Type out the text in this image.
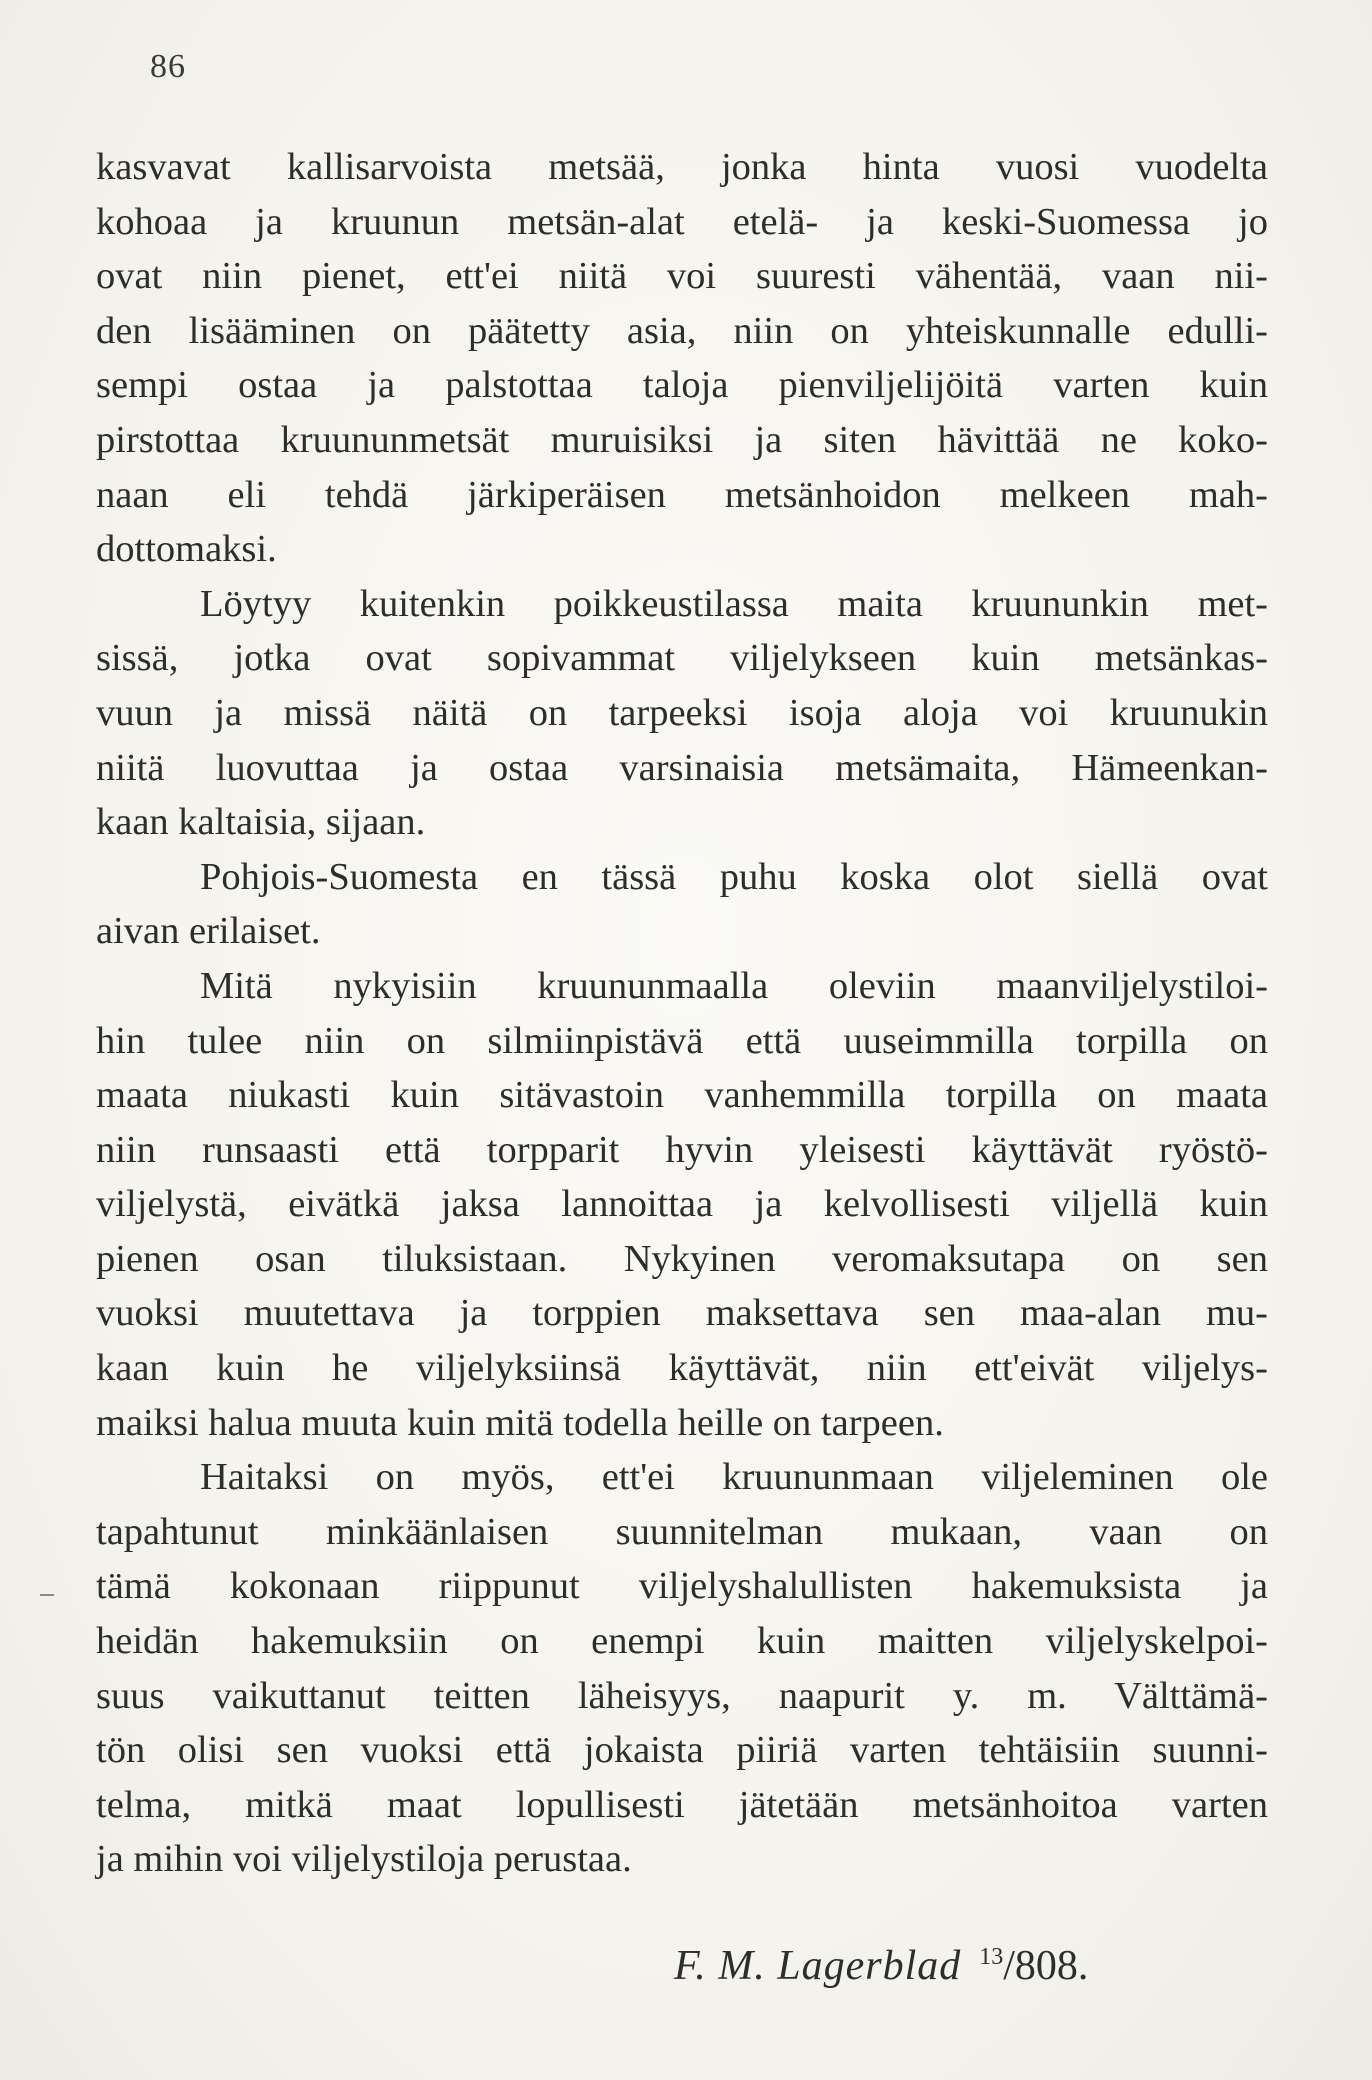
86
kasvavat kallisarvoista metsää, jonka hinta vuosi vuodelta
kohoaa ja kruunun metsän-alat etelä- ja keski-Suomessa jo
ovat niin pienet, ett'ei niitä voi suuresti vähentää, vaan nii-
den lisääminen on päätetty asia, niin on yhteiskunnalle edulli-
sempi ostaa ja palstottaa taloja pienviljelijöitä varten kuin
pirstottaa kruununmetsät muruisiksi ja siten hävittää ne koko-
naan eli tehdä järkiperäisen metsänhoidon melkeen mah-
dottomaksi.
Löytyy kuitenkin poikkeustilassa maita kruununkin met-
sissä, jotka ovat sopivammat viljelykseen kuin metsänkas-
vuun ja missä näitä on tarpeeksi isoja aloja voi kruunukin
niitä luovuttaa ja ostaa varsinaisia metsämaita, Hämeenkan-
kaan kaltaisia, sijaan.
Pohjois-Suomesta en tässä puhu koska olot siellä ovat
aivan erilaiset.
Mitä nykyisiin kruununmaalla oleviin maanviljelystiloi-
hin tulee niin on silmiinpistävä että uuseimmilla torpilla on
maata niukasti kuin sitävastoin vanhemmilla torpilla on maata
niin runsaasti että torpparit hyvin yleisesti käyttävät ryöstö-
viljelystä, eivätkä jaksa lannoittaa ja kelvollisesti viljellä kuin
pienen osan tiluksistaan. Nykyinen veromaksutapa on sen
vuoksi muutettava ja torppien maksettava sen maa-alan mu-
kaan kuin he viljelyksiinsä käyttävät, niin ett'eivät viljelys-
maiksi halua muuta kuin mitä todella heille on tarpeen.
Haitaksi on myös, ett'ei kruununmaan viljeleminen ole
tapahtunut minkäänlaisen suunnitelman mukaan, vaan on
tämä kokonaan riippunut viljelyshalullisten hakemuksista ja
heidän hakemuksiin on enempi kuin maitten viljelyskelpoi-
suus vaikuttanut teitten läheisyys, naapurit y. m. Välttämä-
tön olisi sen vuoksi että jokaista piiriä varten tehtäisiin suunni-
telma, mitkä maat lopullisesti jätetään metsänhoitoa varten
ja mihin voi viljelystiloja perustaa.
F. M. Lagerblad $^{13}$/808.
